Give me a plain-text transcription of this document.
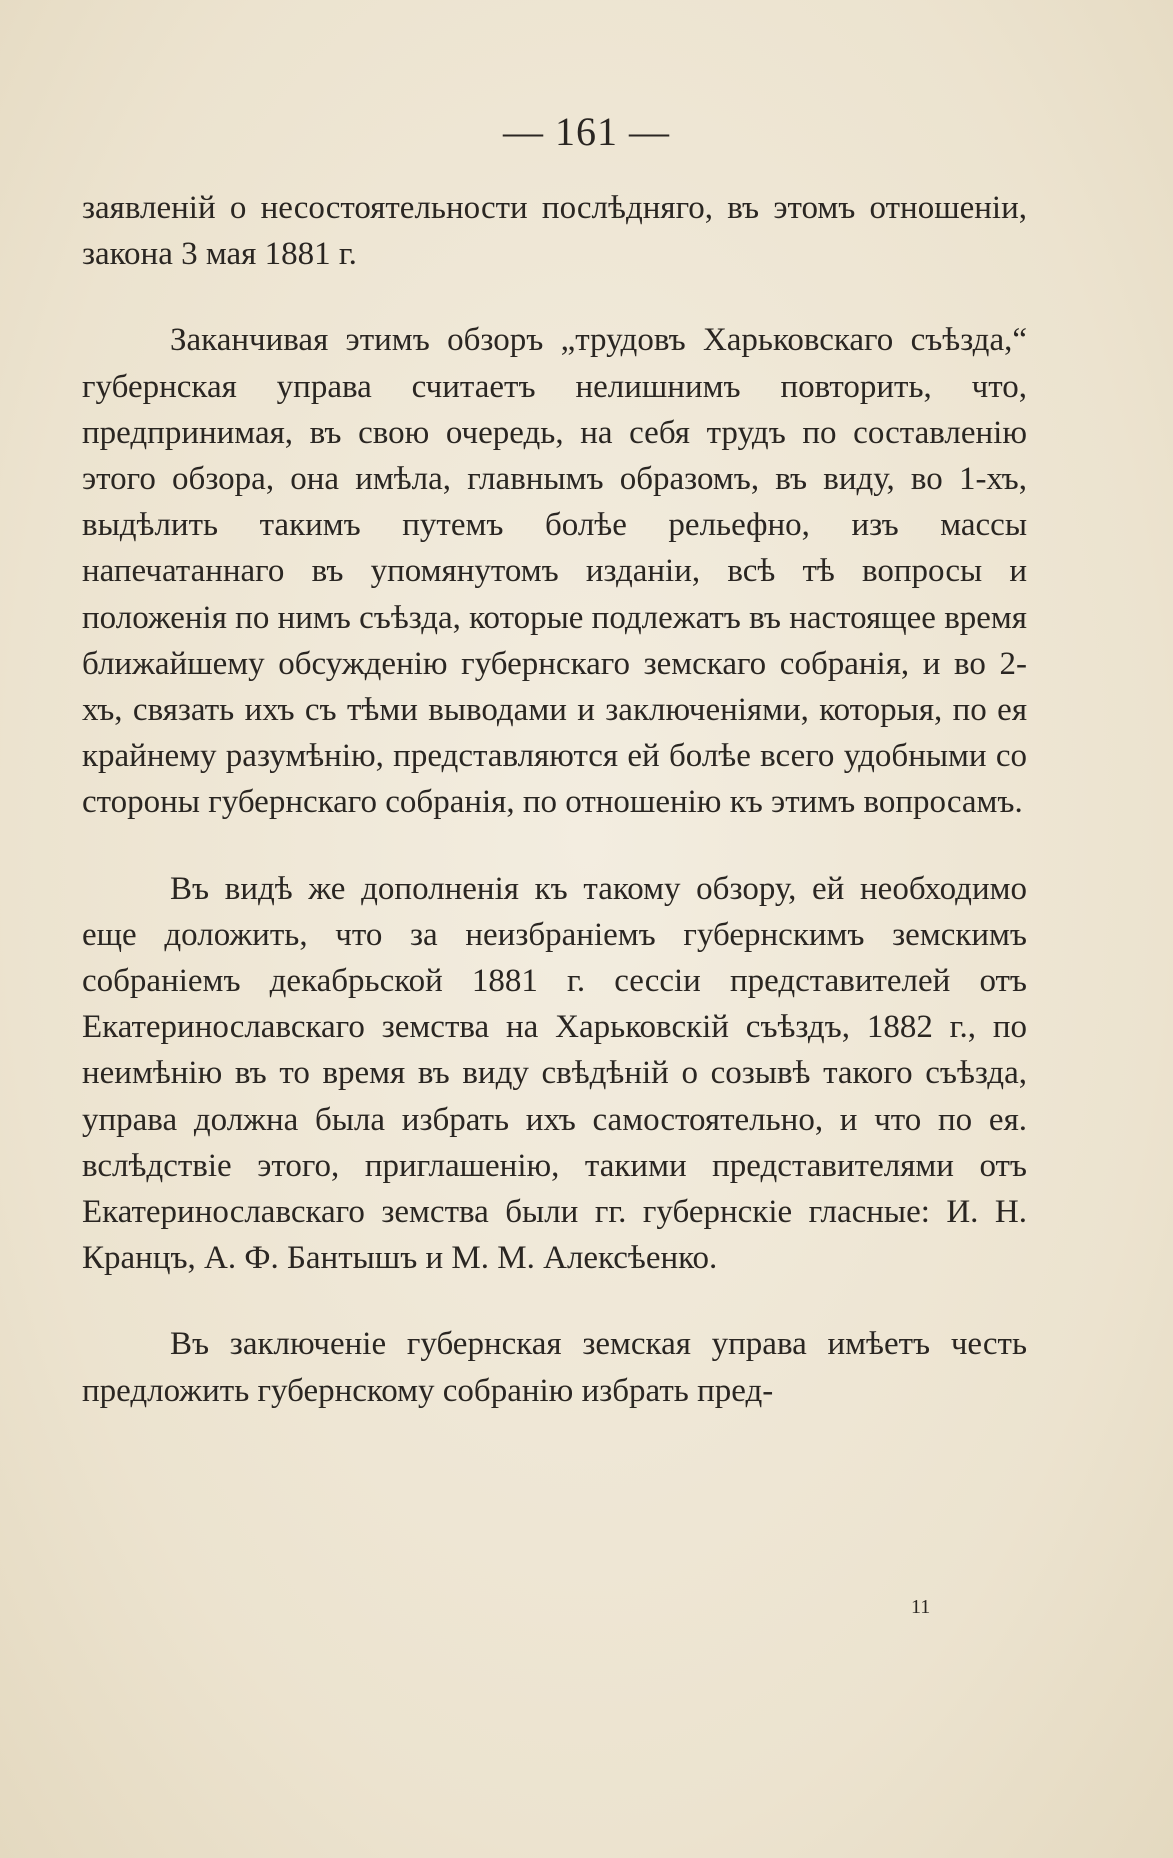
— 161 —

заявленій о несостоятельности послѣдняго, въ этомъ отношеніи, закона 3 мая 1881 г.

Заканчивая этимъ обзоръ „трудовъ Харьковскаго съѣзда,“ губернская управа считаетъ нелишнимъ повторить, что, предпринимая, въ свою очередь, на себя трудъ по составленію этого обзора, она имѣла, главнымъ образомъ, въ виду, во 1-хъ, выдѣлить такимъ путемъ болѣе рельефно, изъ массы напечатаннаго въ упомянутомъ изданіи, всѣ тѣ вопросы и положенія по нимъ съѣзда, которые подлежатъ въ настоящее время ближайшему обсужденію губернскаго земскаго собранія, и во 2-хъ, связать ихъ съ тѣми выводами и заключеніями, которыя, по ея крайнему разумѣнію, представляются ей болѣе всего удобными со стороны губернскаго собранія, по отношенію къ этимъ вопросамъ.

Въ видѣ же дополненія къ такому обзору, ей необходимо еще доложить, что за неизбраніемъ губернскимъ земскимъ собраніемъ декабрьской 1881 г. сессіи представителей отъ Екатеринославскаго земства на Харьковскій съѣздъ, 1882 г., по неимѣнію въ то время въ виду свѣдѣній о созывѣ такого съѣзда, управа должна была избрать ихъ самостоятельно, и что по ея. вслѣдствіе этого, приглашенію, такими представителями отъ Екатеринославскаго земства были гг. губернскіе гласные: И. Н. Кранцъ, А. Ф. Бантышъ и М. М. Алексѣенко.

Въ заключеніе губернская земская управа имѣетъ честь предложить губернскому собранію избрать пред-

11
